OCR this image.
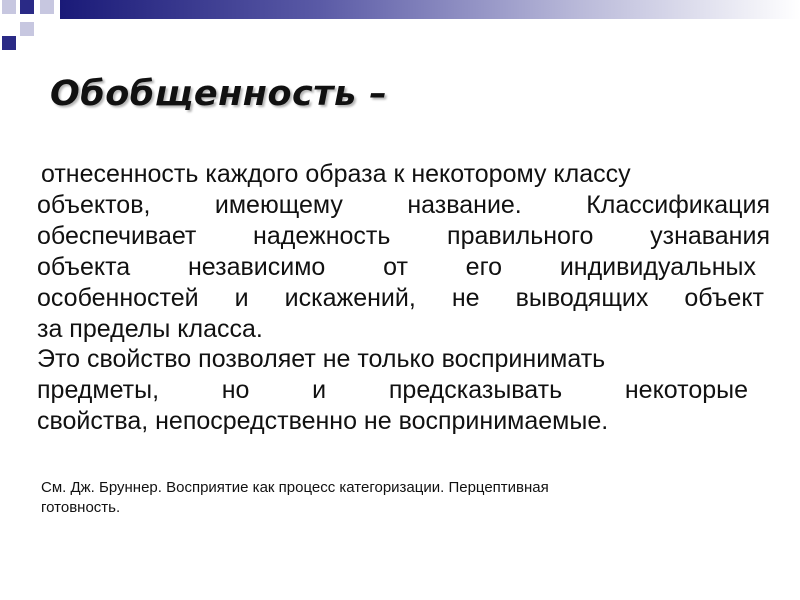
Обобщенность –
отнесенность каждого образа к некоторому классу
объектов, имеющему название. Классификация
обеспечивает надежность правильного узнавания
объекта независимо от его индивидуальных
особенностей и искажений, не выводящих объект
за пределы класса.
Это свойство позволяет не только воспринимать
предметы, но и предсказывать некоторые
свойства, непосредственно не воспринимаемые.
См. Дж. Бруннер. Восприятие как процесс категоризации. Перцептивная
готовность.
